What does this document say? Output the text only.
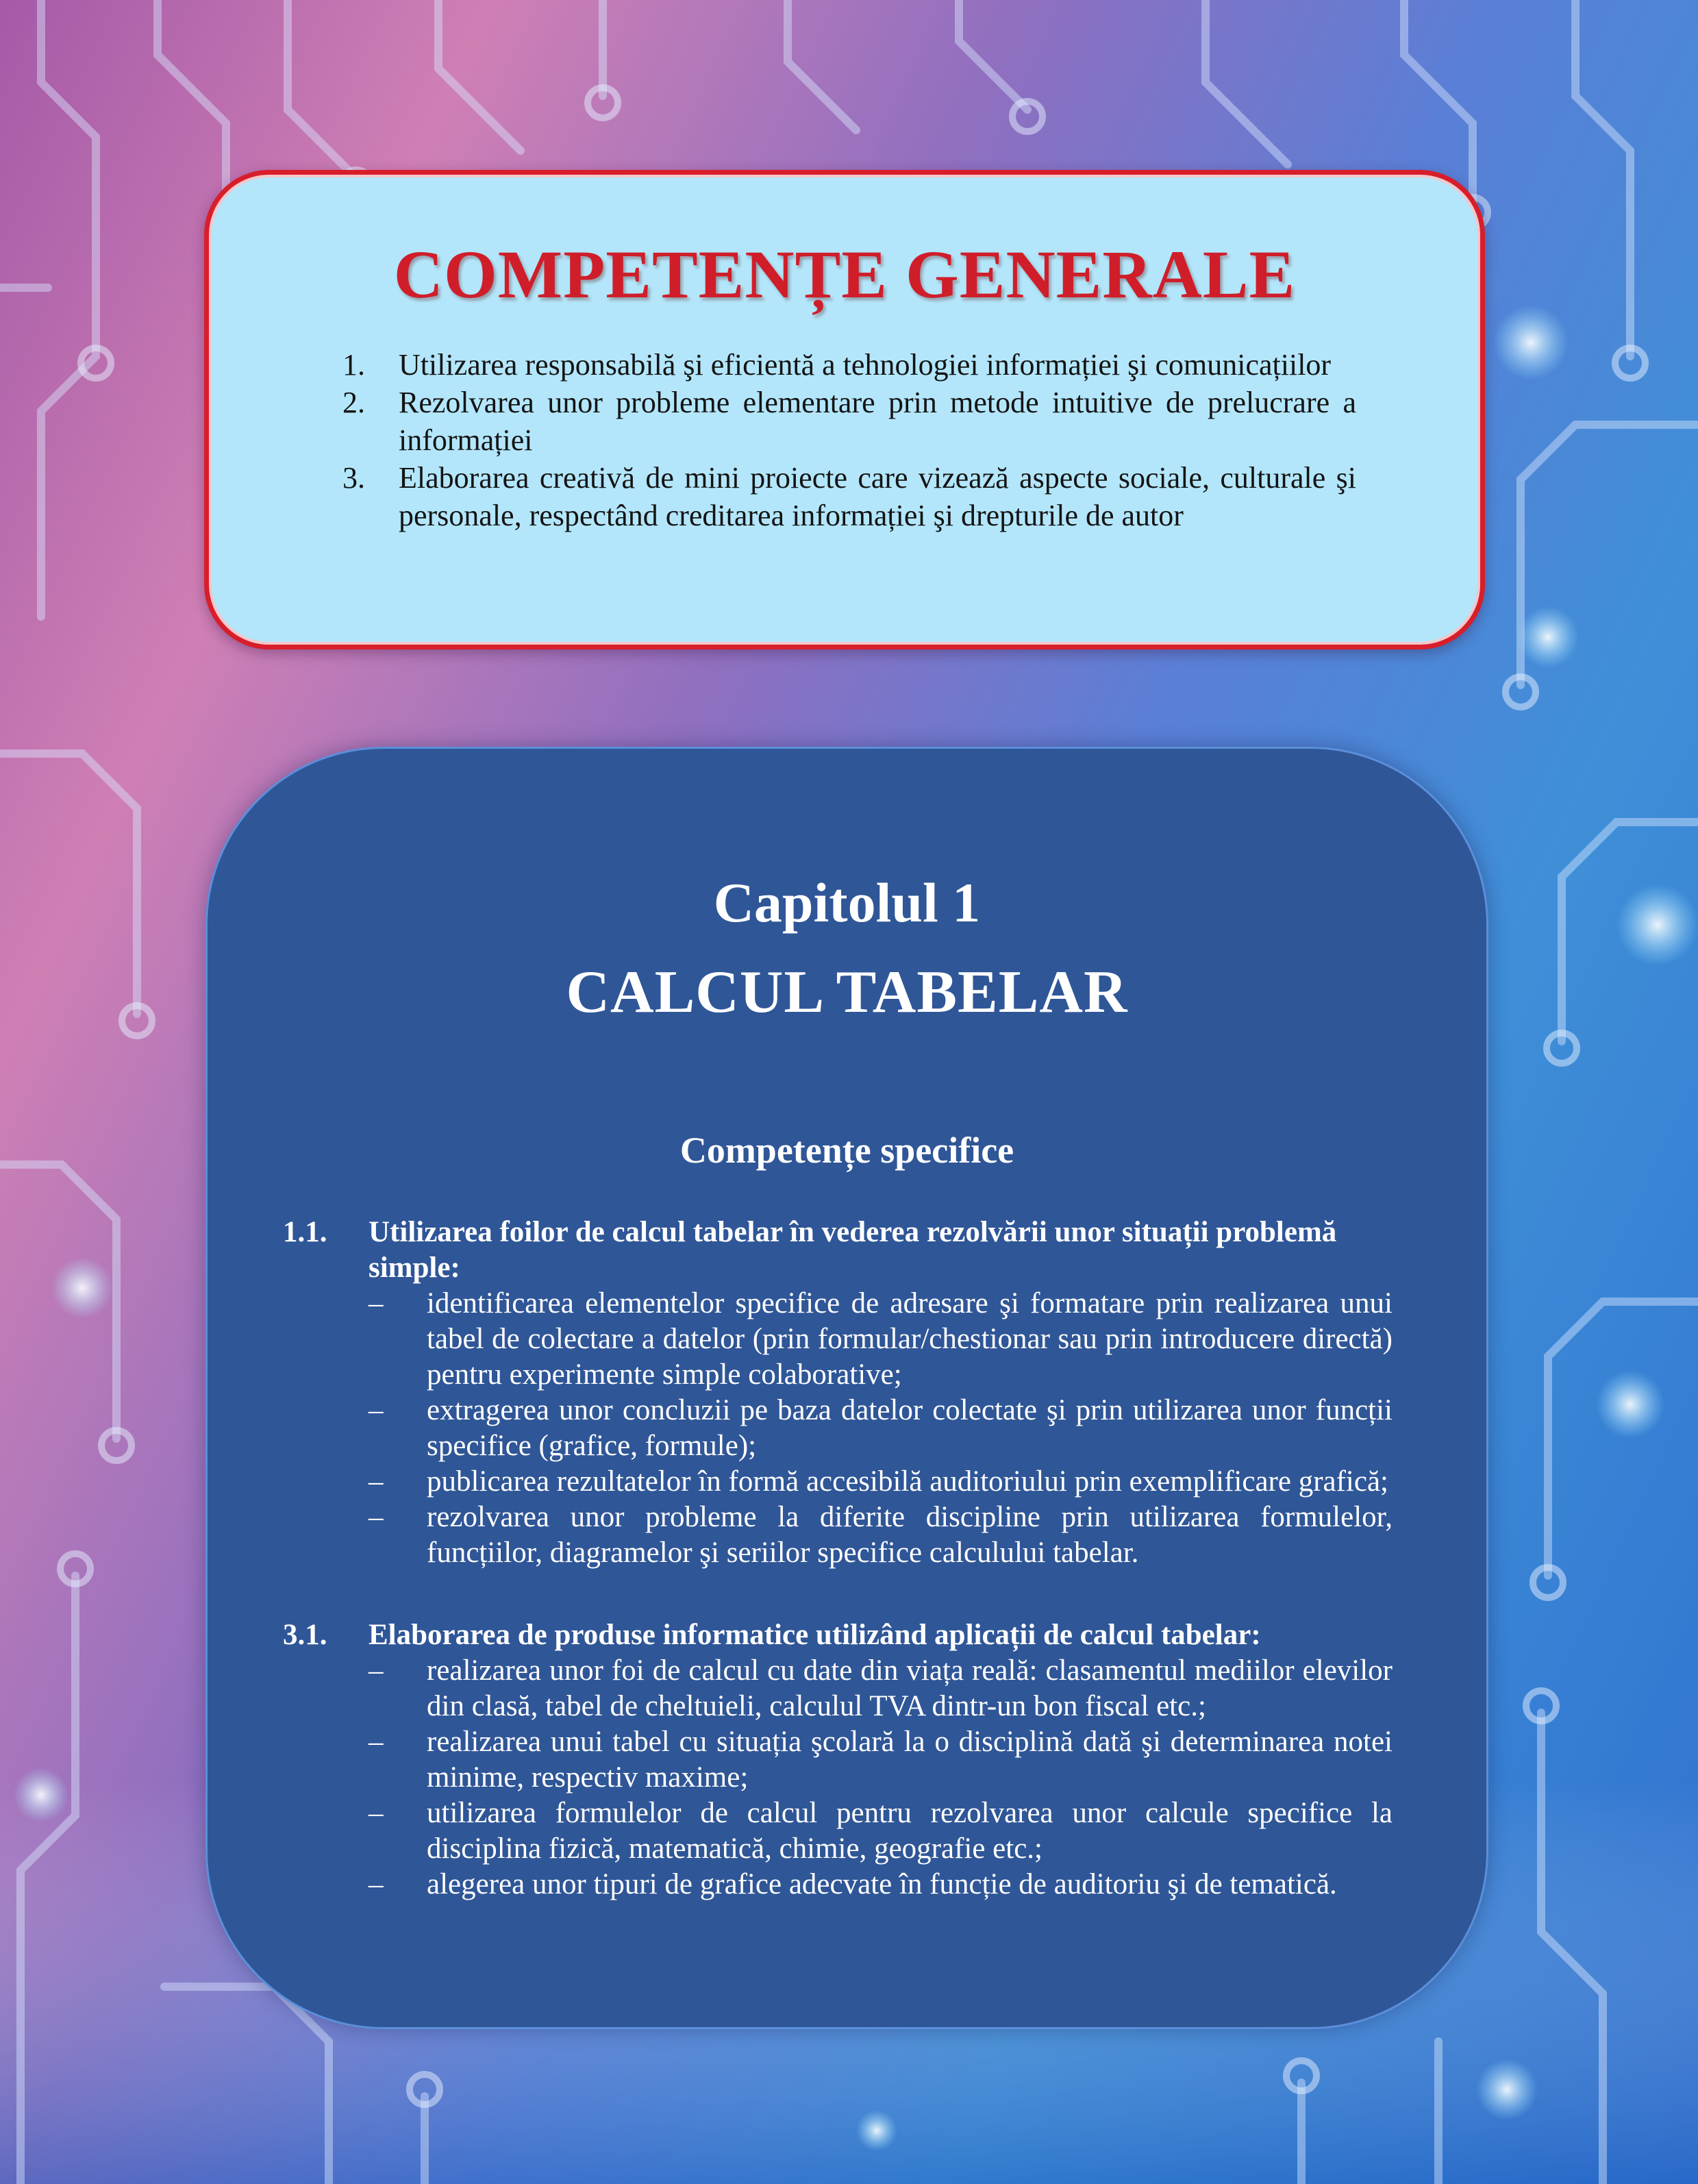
COMPETENȚE GENERALE
1.	Utilizarea responsabilă şi eficientă a tehnologiei informației şi comunicațiilor
2.	Rezolvarea unor probleme elementare prin metode intuitive de prelucrare a informației
3.	Elaborarea creativă de mini proiecte care vizează aspecte sociale, culturale şi personale, respectând creditarea informației şi drepturile de autor
Capitolul 1
CALCUL TABELAR
Competențe specifice
1.1. Utilizarea foilor de calcul tabelar în vederea rezolvării unor situații problemă simple:
– identificarea elementelor specifice de adresare şi formatare prin realizarea unui tabel de colectare a datelor (prin formular/chestionar sau prin introducere directă) pentru experimente simple colaborative;
– extragerea unor concluzii pe baza datelor colectate şi prin utilizarea unor funcții specifice (grafice, formule);
– publicarea rezultatelor în formă accesibilă auditoriului prin exemplificare grafică;
– rezolvarea unor probleme la diferite discipline prin utilizarea formulelor, funcțiilor, diagramelor şi seriilor specifice calculului tabelar.
3.1. Elaborarea de produse informatice utilizând aplicații de calcul tabelar:
– realizarea unor foi de calcul cu date din viața reală: clasamentul mediilor elevilor din clasă, tabel de cheltuieli, calculul TVA dintr-un bon fiscal etc.;
– realizarea unui tabel cu situația şcolară la o disciplină dată şi determinarea notei minime, respectiv maxime;
– utilizarea formulelor de calcul pentru rezolvarea unor calcule specifice la disciplina fizică, matematică, chimie, geografie etc.;
– alegerea unor tipuri de grafice adecvate în funcție de auditoriu şi de tematică.
